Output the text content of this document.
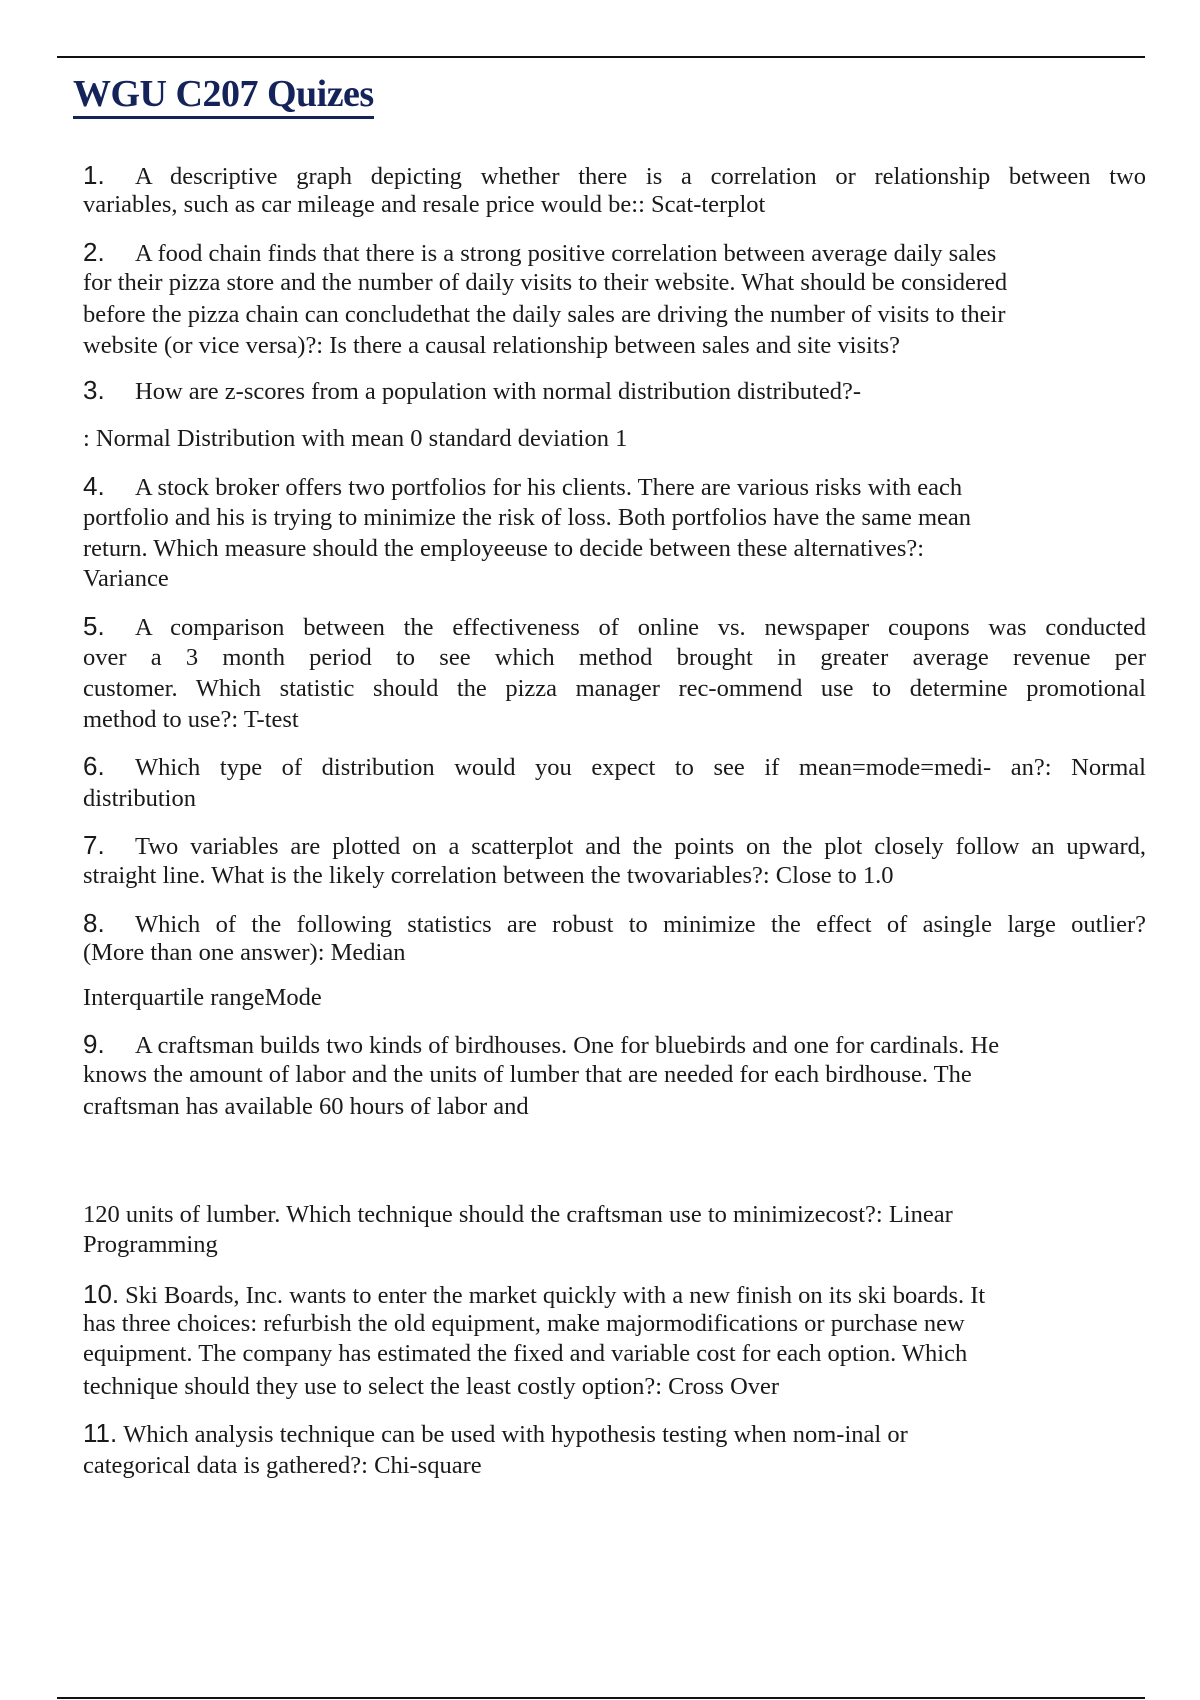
WGU C207 Quizes
1. A descriptive graph depicting whether there is a correlation or relationship between two
variables, such as car mileage and resale price would be:: Scat-terplot
2. A food chain finds that there is a strong positive correlation between average daily sales
for their pizza store and the number of daily visits to their website. What should be considered
before the pizza chain can concludethat the daily sales are driving the number of visits to their
website (or vice versa)?: Is there a causal relationship between sales and site visits?
3. How are z-scores from a population with normal distribution distributed?-
: Normal Distribution with mean 0 standard deviation 1
4. A stock broker offers two portfolios for his clients. There are various risks with each
portfolio and his is trying to minimize the risk of loss. Both portfolios have the same mean
return. Which measure should the employeeuse to decide between these alternatives?:
Variance
5. A comparison between the effectiveness of online vs. newspaper coupons was conducted
over a 3 month period to see which method brought in greater average revenue per
customer. Which statistic should the pizza manager rec-ommend use to determine promotional
method to use?: T-test
6. Which type of distribution would you expect to see if mean=mode=medi- an?: Normal
distribution
7. Two variables are plotted on a scatterplot and the points on the plot closely follow an upward,
straight line. What is the likely correlation between the twovariables?: Close to 1.0
8. Which of the following statistics are robust to minimize the effect of asingle large outlier?
(More than one answer): Median
Interquartile rangeMode
9. A craftsman builds two kinds of birdhouses. One for bluebirds and one for cardinals. He
knows the amount of labor and the units of lumber that are needed for each birdhouse. The
craftsman has available 60 hours of labor and
120 units of lumber. Which technique should the craftsman use to minimizecost?: Linear
Programming
10. Ski Boards, Inc. wants to enter the market quickly with a new finish on its ski boards. It
has three choices: refurbish the old equipment, make majormodifications or purchase new
equipment. The company has estimated the fixed and variable cost for each option. Which
technique should they use to select the least costly option?: Cross Over
11. Which analysis technique can be used with hypothesis testing when nom-inal or
categorical data is gathered?: Chi-square
